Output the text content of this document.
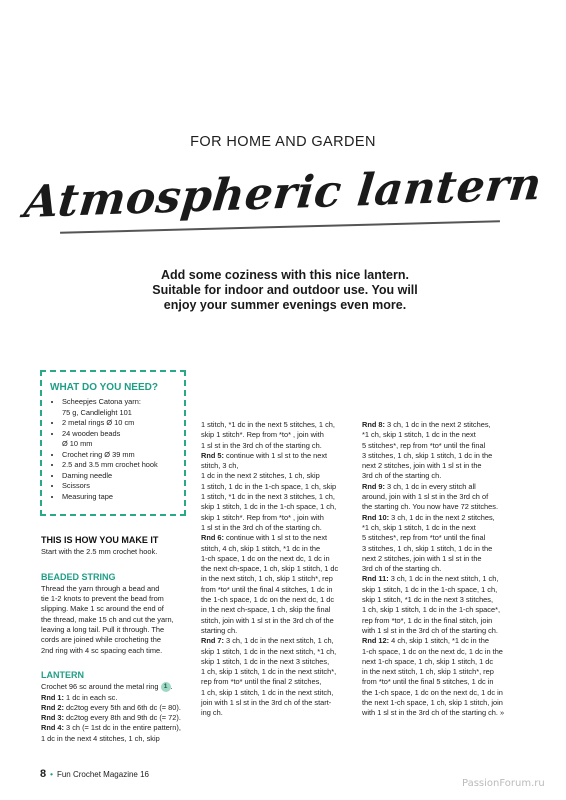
FOR HOME AND GARDEN
Atmospheric lantern
Add some coziness with this nice lantern.
Suitable for indoor and outdoor use. You will
enjoy your summer evenings even more.
WHAT DO YOU NEED?
• Scheepjes Catona yarn:
75 g, Candlelight 101
• 2 metal rings Ø 10 cm
• 24 wooden beads
Ø 10 mm
• Crochet ring Ø 39 mm
• 2.5 and 3.5 mm crochet hook
• Darning needle
• Scissors
• Measuring tape
THIS IS HOW YOU MAKE IT
Start with the 2.5 mm crochet hook.
BEADED STRING
Thread the yarn through a bead and
tie 1-2 knots to prevent the bead from
slipping. Make 1 sc around the end of
the thread, make 15 ch and cut the yarn,
leaving a long tail. Pull it through. The
cords are joined while crocheting the
2nd ring with 4 sc spacing each time.
LANTERN
Crochet 96 sc around the metal ring 1 .
Rnd 1: 1 dc in each sc.
Rnd 2: dc2tog every 5th and 6th dc (= 80).
Rnd 3: dc2tog every 8th and 9th dc (= 72).
Rnd 4: 3 ch (= 1st dc in the entire pattern),
1 dc in the next 4 stitches, 1 ch, skip
1 stitch, *1 dc in the next 5 stitches, 1 ch,
skip 1 stitch*. Rep from *to* , join with
1 sl st in the 3rd ch of the starting ch.
Rnd 5: continue with 1 sl st to the next
stitch, 3 ch,
1 dc in the next 2 stitches, 1 ch, skip
1 stitch, 1 dc in the 1-ch space, 1 ch, skip
1 stitch, *1 dc in the next 3 stitches, 1 ch,
skip 1 stitch, 1 dc in the 1-ch space, 1 ch,
skip 1 stitch*. Rep from *to* , join with
1 sl st in the 3rd ch of the starting ch.
Rnd 6: continue with 1 sl st to the next
stitch, 4 ch, skip 1 stitch, *1 dc in the
1-ch space, 1 dc on the next dc, 1 dc in
the next ch-space, 1 ch, skip 1 stitch, 1 dc
in the next stitch, 1 ch, skip 1 stitch*, rep
from *to* until the final 4 stitches, 1 dc in
the 1-ch space, 1 dc on the next dc, 1 dc
in the next ch-space, 1 ch, skip the final
stitch, join with 1 sl st in the 3rd ch of the
starting ch.
Rnd 7: 3 ch, 1 dc in the next stitch, 1 ch,
skip 1 stitch, 1 dc in the next stitch, *1 ch,
skip 1 stitch, 1 dc in the next 3 stitches,
1 ch, skip 1 stitch, 1 dc in the next stitch*,
rep from *to* until the final 2 stitches,
1 ch, skip 1 stitch, 1 dc in the next stitch,
join with 1 sl st in the 3rd ch of the start-
ing ch.
Rnd 8: 3 ch, 1 dc in the next 2 stitches,
*1 ch, skip 1 stitch, 1 dc in the next
5 stitches*, rep from *to* until the final
3 stitches, 1 ch, skip 1 stitch, 1 dc in the
next 2 stitches, join with 1 sl st in the
3rd ch of the starting ch.
Rnd 9: 3 ch, 1 dc in every stitch all
around, join with 1 sl st in the 3rd ch of
the starting ch. You now have 72 stitches.
Rnd 10: 3 ch, 1 dc in the next 2 stitches,
*1 ch, skip 1 stitch, 1 dc in the next
5 stitches*, rep from *to* until the final
3 stitches, 1 ch, skip 1 stitch, 1 dc in the
next 2 stitches, join with 1 sl st in the
3rd ch of the starting ch.
Rnd 11: 3 ch, 1 dc in the next stitch, 1 ch,
skip 1 stitch, 1 dc in the 1-ch space, 1 ch,
skip 1 stitch, *1 dc in the next 3 stitches,
1 ch, skip 1 stitch, 1 dc in the 1-ch space*,
rep from *to*, 1 dc in the final stitch, join
with 1 sl st in the 3rd ch of the starting ch.
Rnd 12: 4 ch, skip 1 stitch, *1 dc in the
1-ch space, 1 dc on the next dc, 1 dc in the
next 1-ch space, 1 ch, skip 1 stitch, 1 dc
in the next stitch, 1 ch, skip 1 stitch*, rep
from *to* until the final 5 stitches, 1 dc in
the 1-ch space, 1 dc on the next dc, 1 dc in
the next 1-ch space, 1 ch, skip 1 stitch, join
with 1 sl st in the 3rd ch of the starting ch. »
8 • Fun Crochet Magazine 16
PassionForum.ru
